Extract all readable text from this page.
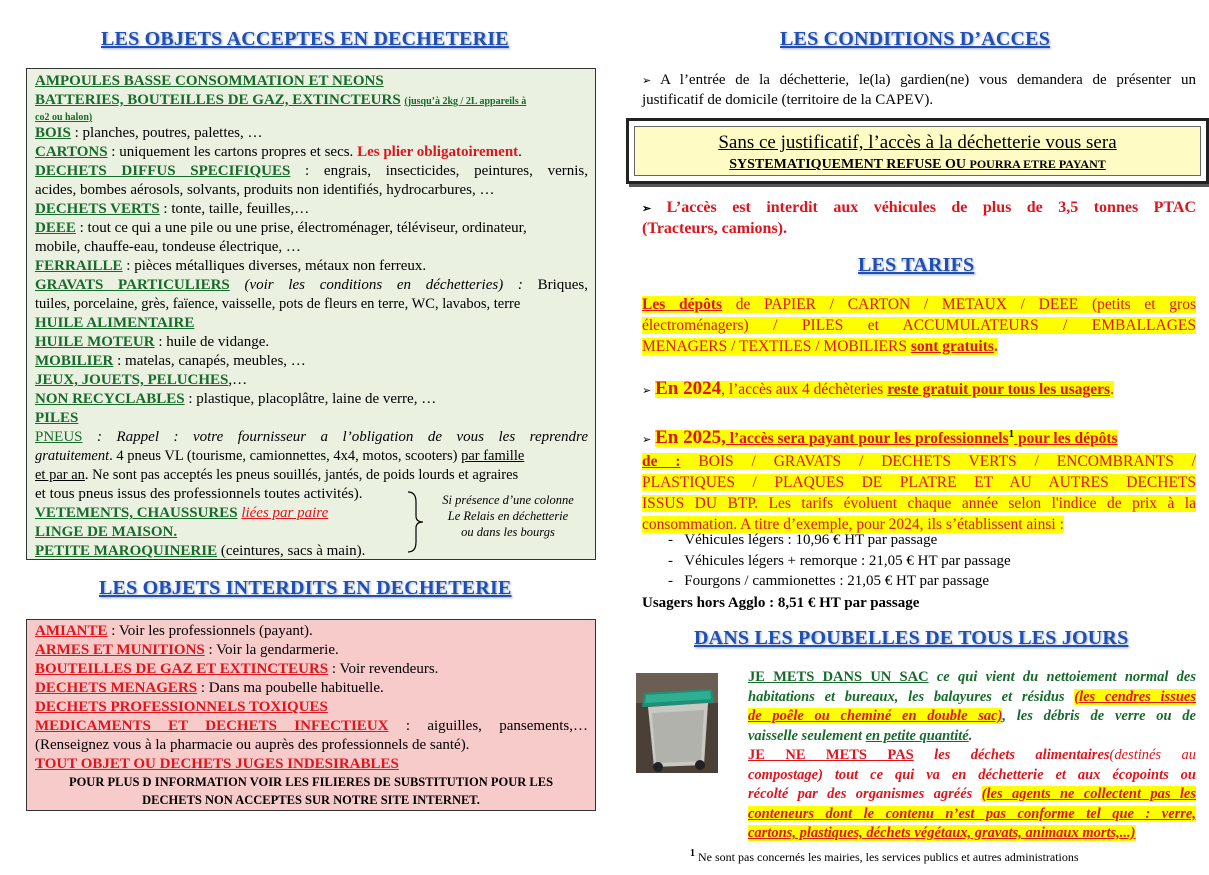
LES OBJETS ACCEPTES EN DECHETERIE
AMPOULES BASSE CONSOMMATION ET NEONS
BATTERIES, BOUTEILLES DE GAZ, EXTINCTEURS (jusqu’à 2kg / 2L appareils à
co2 ou halon)
BOIS : planches, poutres, palettes, …
CARTONS : uniquement les cartons propres et secs. Les plier obligatoirement.
DECHETS DIFFUS SPECIFIQUES : engrais, insecticides, peintures, vernis,
acides, bombes aérosols, solvants, produits non identifiés, hydrocarbures, …
DECHETS VERTS : tonte, taille, feuilles,…
DEEE : tout ce qui a une pile ou une prise, électroménager, téléviseur, ordinateur,
mobile, chauffe-eau, tondeuse électrique, …
FERRAILLE : pièces métalliques diverses, métaux non ferreux.
GRAVATS PARTICULIERS (voir les conditions en déchetteries) : Briques,
tuiles, porcelaine, grès, faïence, vaisselle, pots de fleurs en terre, WC, lavabos, terre
HUILE ALIMENTAIRE
HUILE MOTEUR : huile de vidange.
MOBILIER : matelas, canapés, meubles, …
JEUX, JOUETS, PELUCHES,…
NON RECYCLABLES : plastique, placoplâtre, laine de verre, …
PILES
PNEUS : Rappel : votre fournisseur a l’obligation de vous les reprendre
gratuitement. 4 pneus VL (tourisme, camionnettes, 4x4, motos, scooters) par famille
et par an. Ne sont pas acceptés les pneus souillés, jantés, de poids lourds et agraires
et tous pneus issus des professionnels toutes activités).
VETEMENTS, CHAUSSURES liées par paire
LINGE DE MAISON.
PETITE MAROQUINERIE (ceintures, sacs à main).
Si présence d’une colonne
Le Relais en déchetterie
ou dans les bourgs
LES OBJETS INTERDITS EN DECHETERIE
AMIANTE : Voir les professionnels (payant).
ARMES ET MUNITIONS : Voir la gendarmerie.
BOUTEILLES DE GAZ ET EXTINCTEURS : Voir revendeurs.
DECHETS MENAGERS : Dans ma poubelle habituelle.
DECHETS PROFESSIONNELS TOXIQUES
MEDICAMENTS ET DECHETS INFECTIEUX : aiguilles, pansements,…
(Renseignez vous à la pharmacie ou auprès des professionnels de santé).
TOUT OBJET OU DECHETS JUGES INDESIRABLES
POUR PLUS D INFORMATION VOIR LES FILIERES DE SUBSTITUTION POUR LES
DECHETS NON ACCEPTES SUR NOTRE SITE INTERNET.
LES CONDITIONS D’ACCES
➢ A l’entrée de la déchetterie, le(la) gardien(ne) vous demandera de présenter un
justificatif de domicile (territoire de la CAPEV).
Sans ce justificatif, l’accès à la déchetterie vous sera
SYSTEMATIQUEMENT REFUSE OU POURRA ETRE PAYANT
➢ L’accès est interdit aux véhicules de plus de 3,5 tonnes PTAC
(Tracteurs, camions).
LES TARIFS
Les dépôts de PAPIER / CARTON / METAUX / DEEE (petits et gros
électroménagers) / PILES et ACCUMULATEURS / EMBALLAGES
MENAGERS / TEXTILES / MOBILIERS sont gratuits.
➢ En 2024, l’accès aux 4 déchèteries reste gratuit pour tous les usagers.
➢ En 2025, l’accès sera payant pour les professionnels$^1$ pour les dépôts
de : BOIS / GRAVATS / DECHETS VERTS / ENCOMBRANTS /
PLASTIQUES / PLAQUES DE PLATRE ET AU AUTRES DECHETS
ISSUS DU BTP. Les tarifs évoluent chaque année selon l'indice de prix à la
consommation. A titre d’exemple, pour 2024, ils s’établissent ainsi :
-   Véhicules légers : 10,96 € HT par passage
-   Véhicules légers + remorque : 21,05 € HT par passage
-   Fourgons / cammionettes : 21,05 € HT par passage
Usagers hors Agglo : 8,51 € HT par passage
DANS LES POUBELLES DE TOUS LES JOURS
JE METS DANS UN SAC ce qui vient du nettoiement normal des
habitations et bureaux, les balayures et résidus (les cendres issues
de poêle ou cheminé en double sac), les débris de verre ou de
vaisselle seulement en petite quantité.
JE NE METS PAS les déchets alimentaires(destinés au
compostage) tout ce qui va en déchetterie et aux écopoints ou
récolté par des organismes agréés (les agents ne collectent pas les
conteneurs dont le contenu n’est pas conforme tel que : verre,
cartons, plastiques, déchets végétaux, gravats, animaux morts,...)
$^1$ Ne sont pas concernés les mairies, les services publics et autres administrations
